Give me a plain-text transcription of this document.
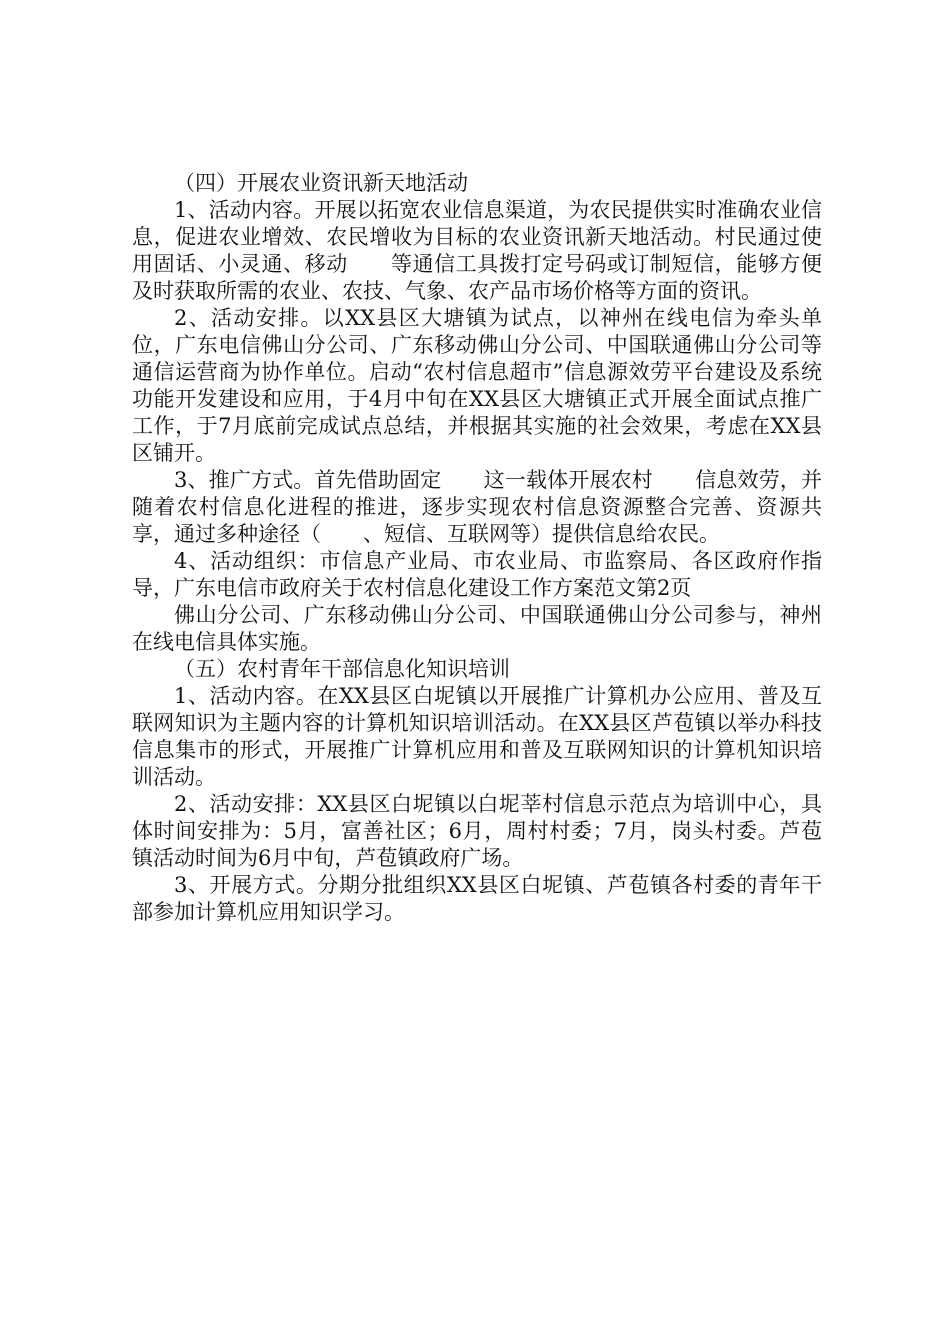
（四）开展农业资讯新天地活动

1、活动内容。开展以拓宽农业信息渠道，为农民提供实时准确农业信息，促进农业增效、农民增收为目标的农业资讯新天地活动。村民通过使用固话、小灵通、移动　　等通信工具拨打定号码或订制短信，能够方便及时获取所需的农业、农技、气象、农产品市场价格等方面的资讯。

2、活动安排。以XX县区大塘镇为试点，以神州在线电信为牵头单位，广东电信佛山分公司、广东移动佛山分公司、中国联通佛山分公司等通信运营商为协作单位。启动“农村信息超市”信息源效劳平台建设及系统功能开发建设和应用，于4月中旬在XX县区大塘镇正式开展全面试点推广工作，于7月底前完成试点总结，并根据其实施的社会效果，考虑在XX县区铺开。

3、推广方式。首先借助固定　　这一载体开展农村　　信息效劳，并随着农村信息化进程的推进，逐步实现农村信息资源整合完善、资源共享，通过多种途径（　　、短信、互联网等）提供信息给农民。

4、活动组织：市信息产业局、市农业局、市监察局、各区政府作指导，广东电信市政府关于农村信息化建设工作方案范文第2页

佛山分公司、广东移动佛山分公司、中国联通佛山分公司参与，神州在线电信具体实施。

（五）农村青年干部信息化知识培训

1、活动内容。在XX县区白坭镇以开展推广计算机办公应用、普及互联网知识为主题内容的计算机知识培训活动。在XX县区芦苞镇以举办科技信息集市的形式，开展推广计算机应用和普及互联网知识的计算机知识培训活动。

2、活动安排：XX县区白坭镇以白坭莘村信息示范点为培训中心，具体时间安排为：5月，富善社区；6月，周村村委；7月，岗头村委。芦苞镇活动时间为6月中旬，芦苞镇政府广场。

3、开展方式。分期分批组织XX县区白坭镇、芦苞镇各村委的青年干部参加计算机应用知识学习。
